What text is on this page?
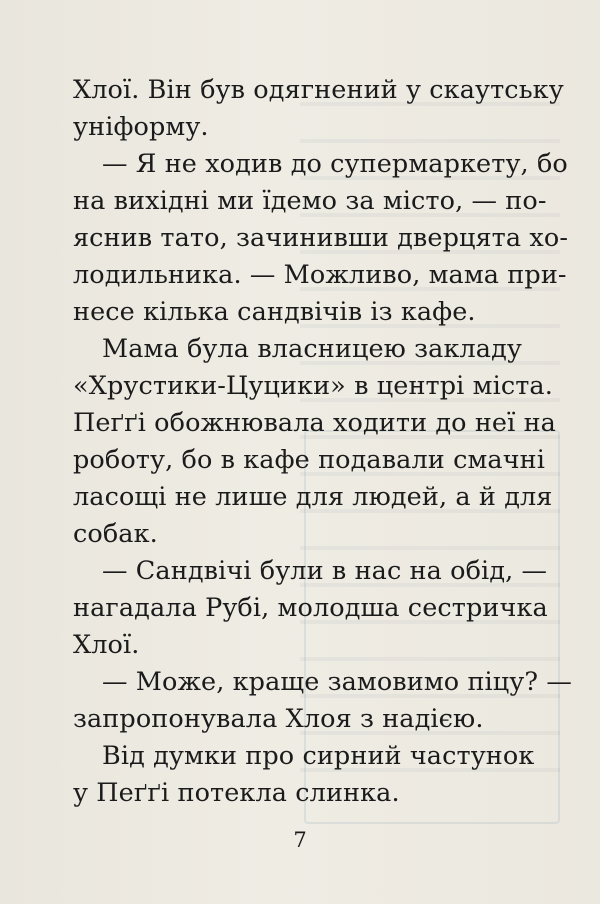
Хлої. Він був одягнений у скаутську
уніформу.

— Я не ходив до супермаркету, бо
на вихідні ми їдемо за місто, — по-
яснив тато, зачинивши дверцята хо-
лодильника. — Можливо, мама при-
несе кілька сандвічів із кафе.

Мама була власницею закладу
«Хрустики-Цуцики» в центрі міста.
Пеґґі обожнювала ходити до неї на
роботу, бо в кафе подавали смачні
ласощі не лише для людей, а й для
собак.

— Сандвічі були в нас на обід, —
нагадала Рубі, молодша сестричка
Хлої.

— Може, краще замовимо піцу? —
запропонувала Хлоя з надією.

Від думки про сирний частунок
у Пеґґі потекла слинка.

7
